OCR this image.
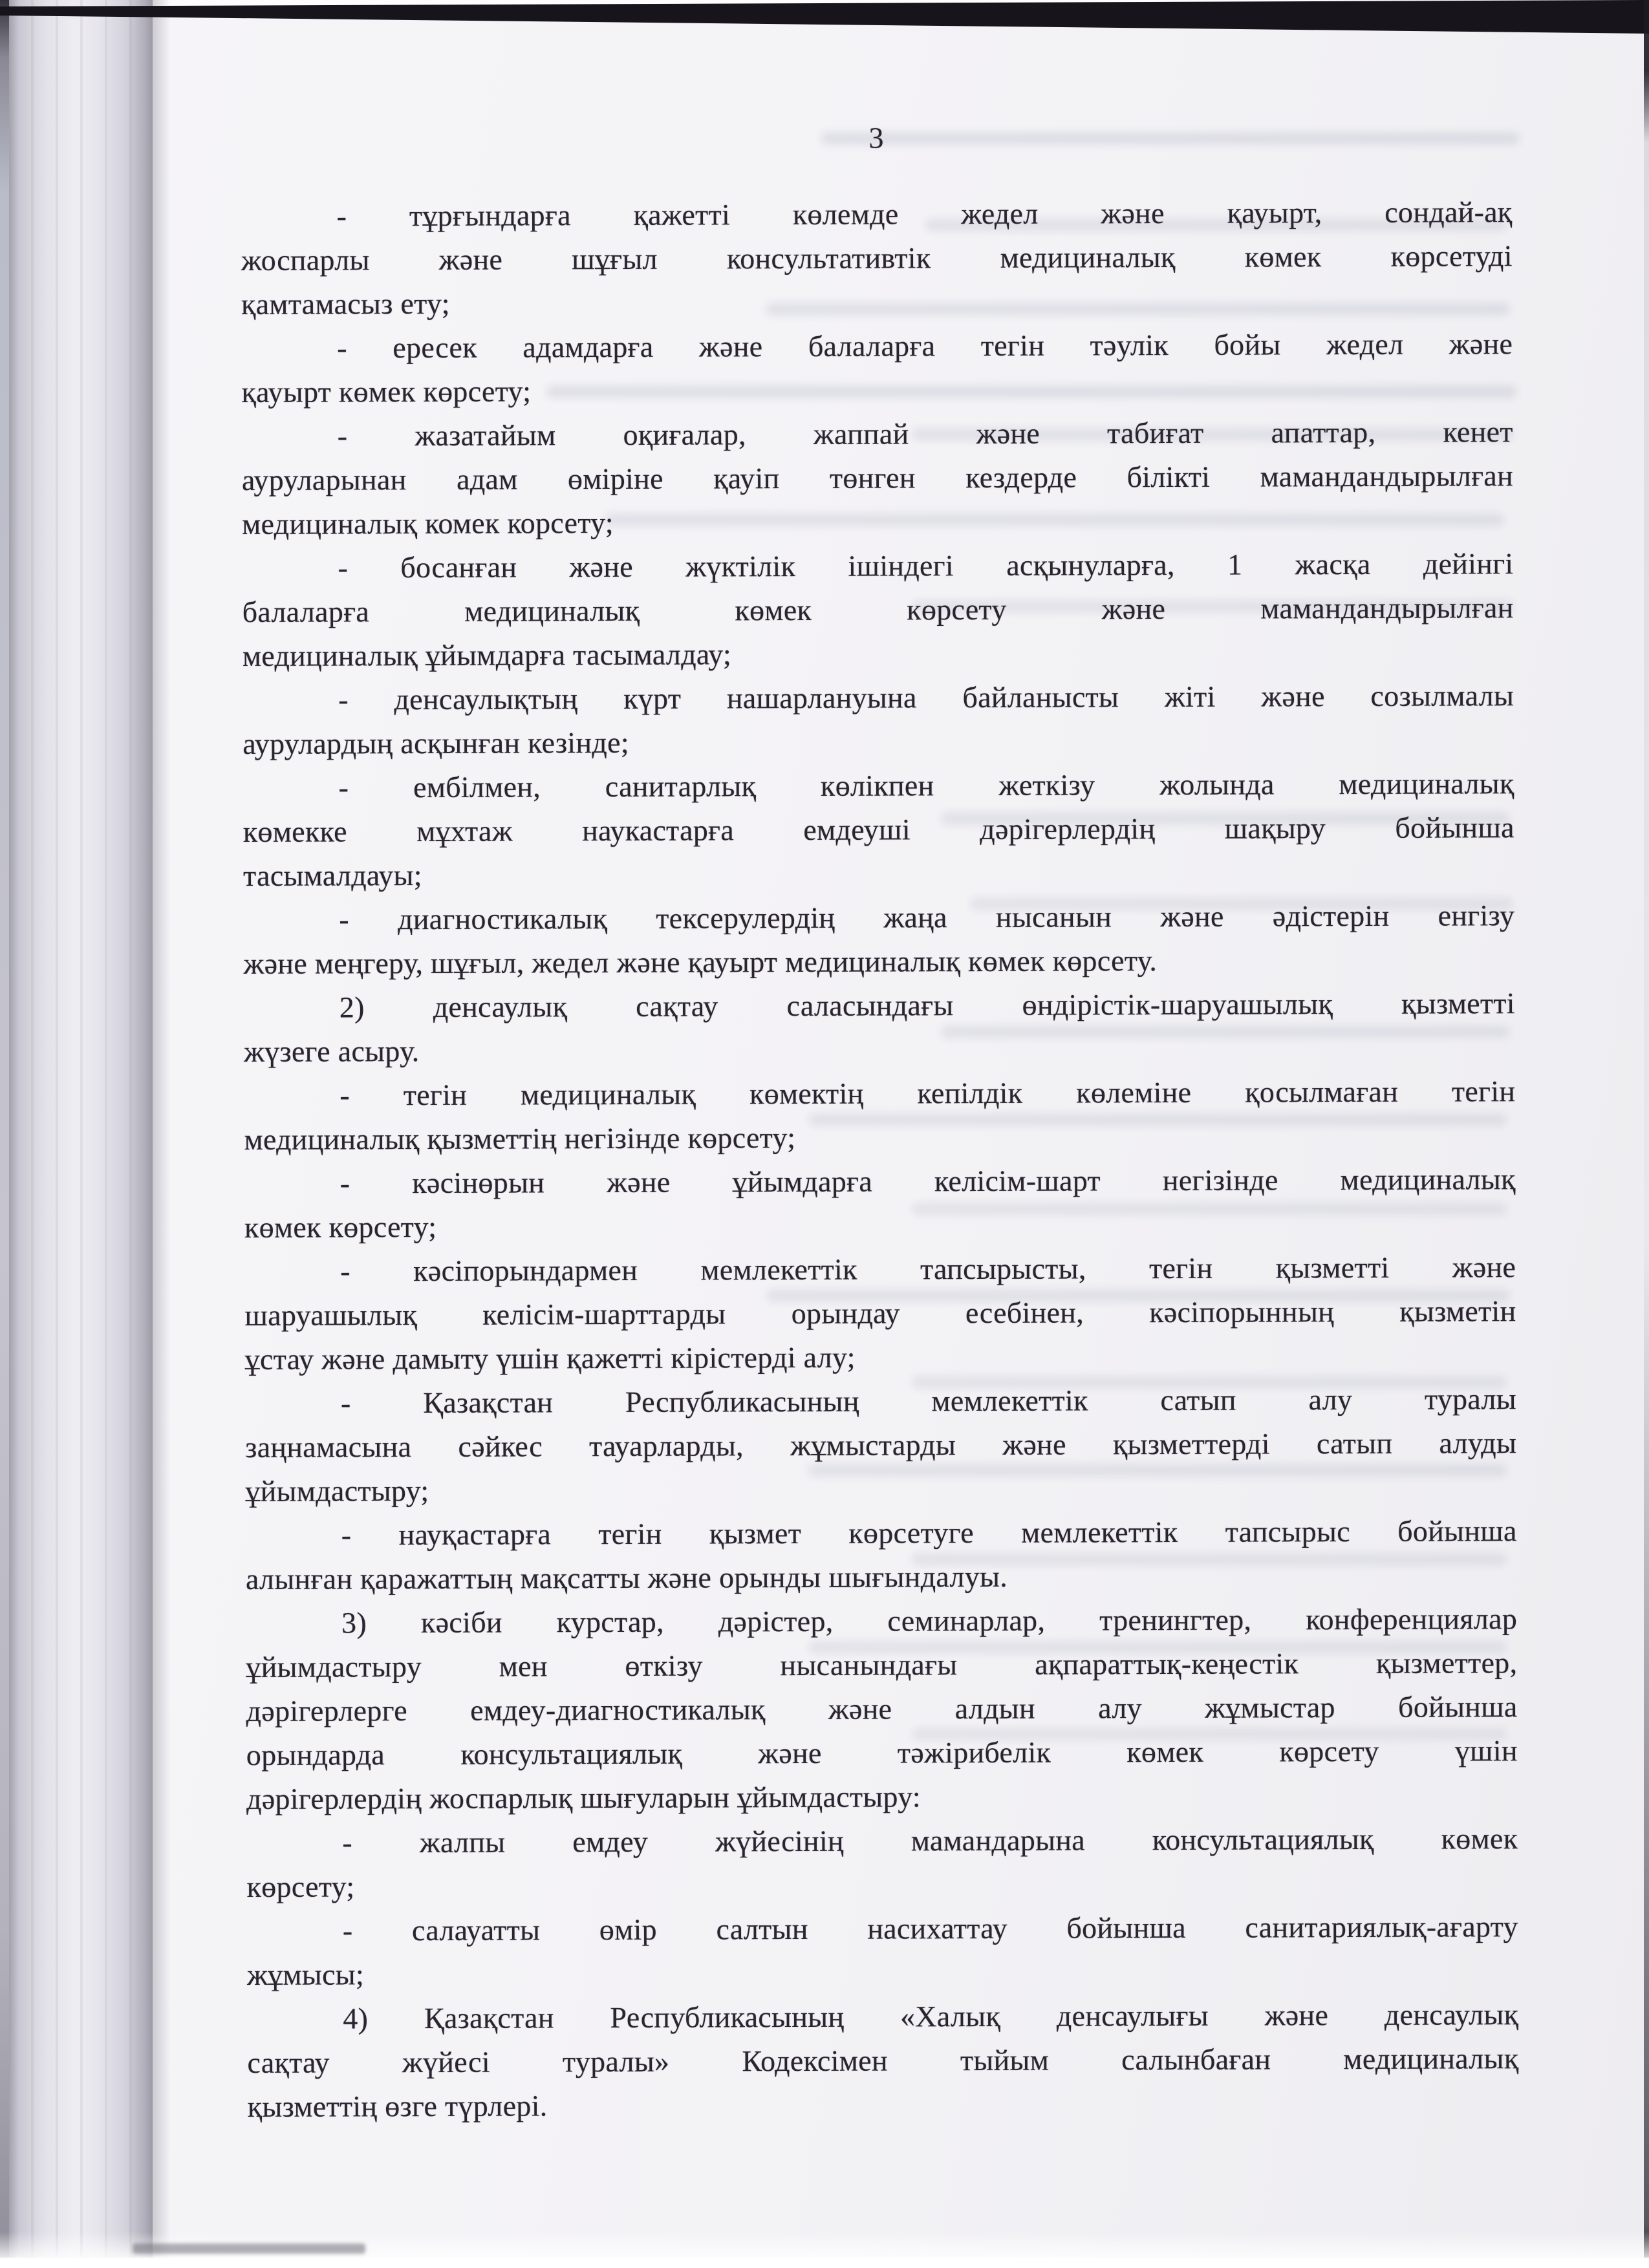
3
- тұрғындарға қажетті көлемде жедел және қауырт, сондай-ақ
жоспарлы және шұғыл консультативтік медициналық көмек көрсетуді
қамтамасыз ету;
- ересек адамдарға және балаларға тегін тәулік бойы жедел және
қауырт көмек көрсету;
- жазатайым оқиғалар, жаппай және табиғат апаттар, кенет
ауруларынан адам өміріне қауіп төнген кездерде білікті мамандандырылған
медициналық комек корсету;
- босанған және жүктілік ішіндегі асқынуларға, 1 жасқа дейінгі
балаларға медициналық көмек көрсету және мамандандырылған
медициналық ұйымдарға тасымалдау;
- денсаулықтың күрт нашарлануына байланысты жіті және созылмалы
аурулардың асқынған кезінде;
- ембілмен, санитарлық көлікпен жеткізу жолында медициналық
көмекке мұхтаж наукастарға емдеуші дәрігерлердің шақыру бойынша
тасымалдауы;
- диагностикалық тексерулердің жаңа нысанын және әдістерін енгізу
және меңгеру, шұғыл, жедел және қауырт медициналық көмек көрсету.
2) денсаулық сақтау саласындағы өндірістік-шаруашылық қызметті
жүзеге асыру.
- тегін медициналық көмектің кепілдік көлеміне қосылмаған тегін
медициналық қызметтің негізінде көрсету;
- кәсінөрын және ұйымдарға келісім-шарт негізінде медициналық
көмек көрсету;
- кәсіпорындармен мемлекеттік тапсырысты, тегін қызметті және
шаруашылық келісім-шарттарды орындау есебінен, кәсіпорынның қызметін
ұстау және дамыту үшін қажетті кірістерді алу;
- Қазақстан Республикасының мемлекеттік сатып алу туралы
заңнамасына сәйкес тауарларды, жұмыстарды және қызметтерді сатып алуды
ұйымдастыру;
- науқастарға тегін қызмет көрсетуге мемлекеттік тапсырыс бойынша
алынған қаражаттың мақсатты және орынды шығындалуы.
3) кәсіби курстар, дәрістер, семинарлар, тренингтер, конференциялар
ұйымдастыру мен өткізу нысанындағы ақпараттық-кеңестік қызметтер,
дәрігерлерге емдеу-диагностикалық және алдын алу жұмыстар бойынша
орындарда консультациялық және тәжірибелік көмек көрсету үшін
дәрігерлердің жоспарлық шығуларын ұйымдастыру:
- жалпы емдеу жүйесінің мамандарына консультациялық көмек
көрсету;
- салауатты өмір салтын насихаттау бойынша санитариялық-ағарту
жұмысы;
4) Қазақстан Республикасының «Халық денсаулығы және денсаулық
сақтау жүйесі туралы» Кодексімен тыйым салынбаған медициналық
қызметтің өзге түрлері.
